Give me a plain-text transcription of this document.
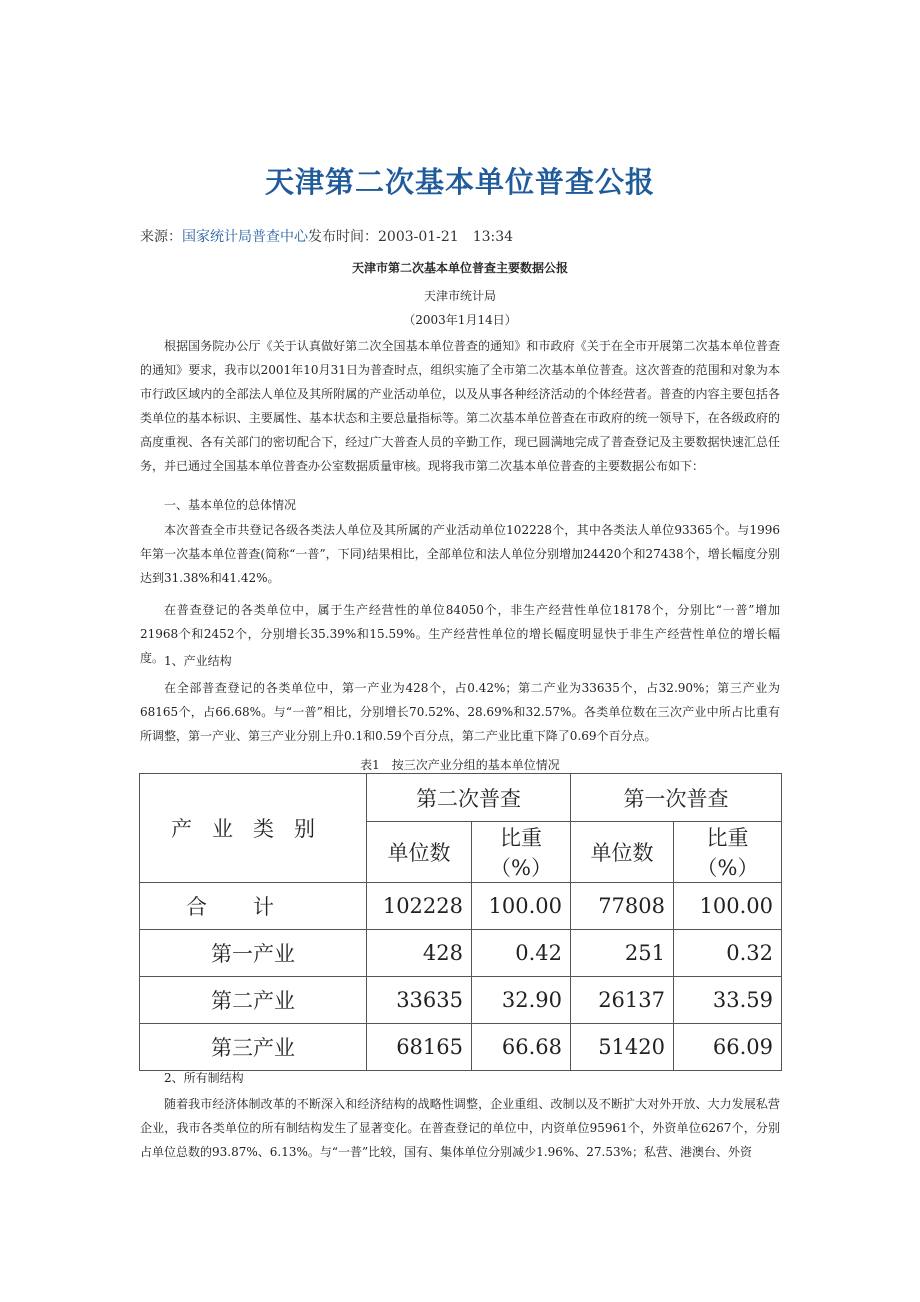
天津第二次基本单位普查公报
来源：国家统计局普查中心发布时间：2003-01-21　13:34
天津市第二次基本单位普查主要数据公报
天津市统计局
（2003年1月14日）

根据国务院办公厅《关于认真做好第二次全国基本单位普查的通知》和市政府《关于在全市开展第二次基本单位普查的通知》要求，我市以2001年10月31日为普查时点，组织实施了全市第二次基本单位普查。这次普查的范围和对象为本市行政区域内的全部法人单位及其所附属的产业活动单位，以及从事各种经济活动的个体经营者。普查的内容主要包括各类单位的基本标识、主要属性、基本状态和主要总量指标等。第二次基本单位普查在市政府的统一领导下，在各级政府的高度重视、各有关部门的密切配合下，经过广大普查人员的辛勤工作，现已圆满地完成了普查登记及主要数据快速汇总任务，并已通过全国基本单位普查办公室数据质量审核。现将我市第二次基本单位普查的主要数据公布如下：

一、基本单位的总体情况

本次普查全市共登记各级各类法人单位及其所属的产业活动单位102228个，其中各类法人单位93365个。与1996年第一次基本单位普查(简称“一普”，下同)结果相比，全部单位和法人单位分别增加24420个和27438个，增长幅度分别达到31.38%和41.42%。

在普查登记的各类单位中，属于生产经营性的单位84050个，非生产经营性单位18178个，分别比“一普”增加21968个和2452个，分别增长35.39%和15.59%。生产经营性单位的增长幅度明显快于非生产经营性单位的增长幅度。 1、产业结构

在全部普查登记的各类单位中，第一产业为428个，占0.42%；第二产业为33635个，占32.90%；第三产业为68165个，占66.68%。与“一普”相比，分别增长70.52%、28.69%和32.57%。各类单位数在三次产业中所占比重有所调整，第一产业、第三产业分别上升0.1和0.59个百分点，第二产业比重下降了0.69个百分点。

表1　按三次产业分组的基本单位情况
产业类别	第二次普查		第一次普查	
	单位数	比重（%）	单位数	比重（%）
合计	102228	100.00	77808	100.00
第一产业	428	0.42	251	0.32
第二产业	33635	32.90	26137	33.59
第三产业	68165	66.68	51420	66.09
2、所有制结构

随着我市经济体制改革的不断深入和经济结构的战略性调整，企业重组、改制以及不断扩大对外开放、大力发展私营企业，我市各类单位的所有制结构发生了显著变化。在普查登记的单位中，内资单位95961个，外资单位6267个，分别占单位总数的93.87%、6.13%。与“一普”比较，国有、集体单位分别减少1.96%、27.53%；私营、港澳台、外资
